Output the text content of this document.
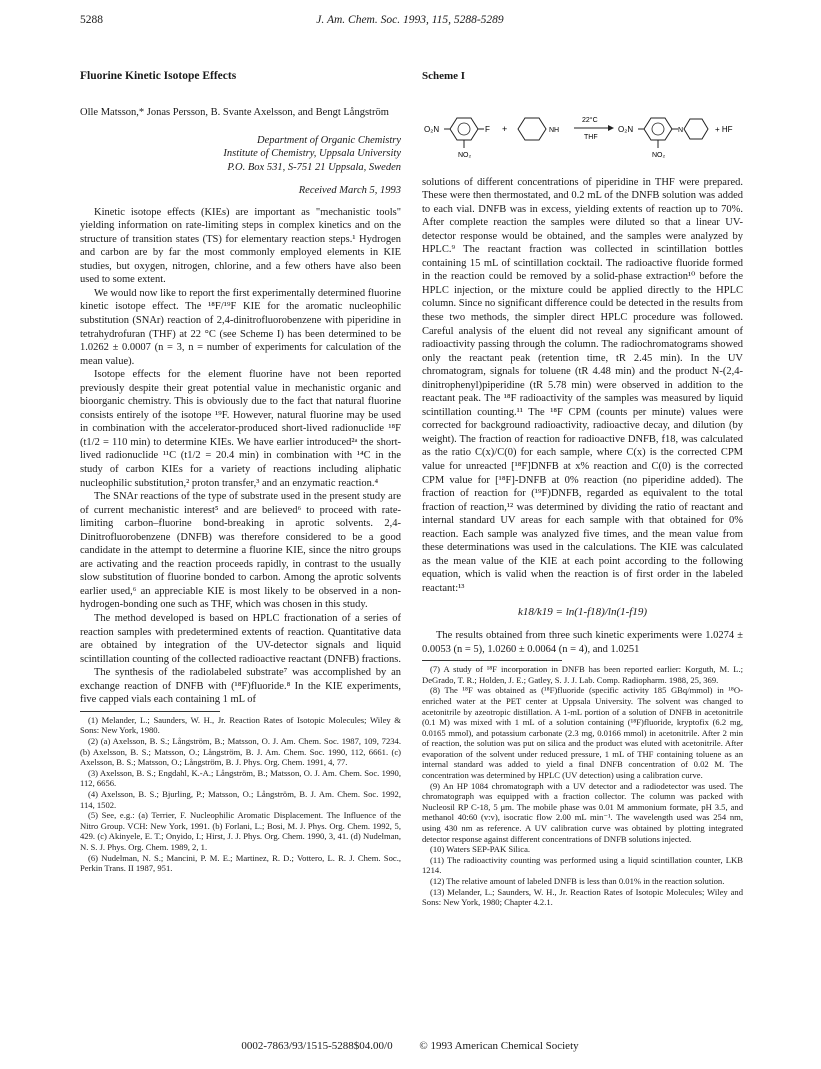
5288	J. Am. Chem. Soc. 1993, 115, 5288-5289
Fluorine Kinetic Isotope Effects
Olle Matsson,* Jonas Persson, B. Svante Axelsson, and Bengt Långström
Department of Organic Chemistry
Institute of Chemistry, Uppsala University
P.O. Box 531, S-751 21 Uppsala, Sweden
Received March 5, 1993

Kinetic isotope effects (KIEs) are important as "mechanistic tools" yielding information on rate-limiting steps in complex kinetics and on the structure of transition states (TS) for elementary reaction steps.¹ Hydrogen and carbon are by far the most commonly employed elements in KIE studies, but oxygen, nitrogen, chlorine, and a few others have also been used to some extent.

We would now like to report the first experimentally determined fluorine kinetic isotope effect. The ¹⁸F/¹⁹F KIE for the aromatic nucleophilic substitution (SNAr) reaction of 2,4-dinitrofluorobenzene with piperidine in tetrahydrofuran (THF) at 22 °C (see Scheme I) has been determined to be 1.0262 ± 0.0007 (n = 3, n = number of experiments for calculation of the mean value).

Isotope effects for the element fluorine have not been reported previously despite their great potential value in mechanistic organic and bioorganic chemistry. This is obviously due to the fact that natural fluorine consists entirely of the isotope ¹⁹F. However, natural fluorine may be used in combination with the accelerator-produced short-lived radionuclide ¹⁸F (t1/2 = 110 min) to determine KIEs. We have earlier introduced²ᵃ the short-lived radionuclide ¹¹C (t1/2 = 20.4 min) in combination with ¹⁴C in the study of carbon KIEs for a variety of reactions including aliphatic nucleophilic substitution,² proton transfer,³ and an enzymatic reaction.⁴

The SNAr reactions of the type of substrate used in the present study are of current mechanistic interest⁵ and are believed⁶ to proceed with rate-limiting carbon–fluorine bond-breaking in aprotic solvents. 2,4-Dinitrofluorobenzene (DNFB) was therefore considered to be a good candidate in the attempt to determine a fluorine KIE, since the nitro groups are activating and the reaction proceeds rapidly, in contrast to the usually slow substitution of fluorine bonded to carbon. Among the aprotic solvents earlier used,⁶ an appreciable KIE is most likely to be observed in a non-hydrogen-bonding one such as THF, which was chosen in this study.

The method developed is based on HPLC fractionation of a series of reaction samples with predetermined extents of reaction. Quantitative data are obtained by integration of the UV-detector signals and liquid scintillation counting of the collected radioactive reactant (DNFB) fractions.

The synthesis of the radiolabeled substrate⁷ was accomplished by an exchange reaction of DNFB with (¹⁸F)fluoride.⁸ In the KIE experiments, five capped vials each containing 1 mL of

(1) Melander, L.; Saunders, W. H., Jr. Reaction Rates of Isotopic Molecules; Wiley & Sons: New York, 1980.
(2) (a) Axelsson, B. S.; Långström, B.; Matsson, O. J. Am. Chem. Soc. 1987, 109, 7234. (b) Axelsson, B. S.; Matsson, O.; Långström, B. J. Am. Chem. Soc. 1990, 112, 6661. (c) Axelsson, B. S.; Matsson, O.; Långström, B. J. Phys. Org. Chem. 1991, 4, 77.
(3) Axelsson, B. S.; Engdahl, K.-A.; Långström, B.; Matsson, O. J. Am. Chem. Soc. 1990, 112, 6656.
(4) Axelsson, B. S.; Bjurling, P.; Matsson, O.; Långström, B. J. Am. Chem. Soc. 1992, 114, 1502.
(5) See, e.g.: (a) Terrier, F. Nucleophilic Aromatic Displacement. The Influence of the Nitro Group. VCH: New York, 1991. (b) Forlani, L.; Bosi, M. J. Phys. Org. Chem. 1992, 5, 429. (c) Akinyele, E. T.; Onyido, I.; Hirst, J. J. Phys. Org. Chem. 1990, 3, 41. (d) Nudelman, N. S. J. Phys. Org. Chem. 1989, 2, 1.
(6) Nudelman, N. S.; Mancini, P. M. E.; Martinez, R. D.; Vottero, L. R. J. Chem. Soc., Perkin Trans. II 1987, 951.
Scheme I
O₂N	F
NO₂
+	NH
22°C
THF
O₂N	N
NO₂
+ HF

solutions of different concentrations of piperidine in THF were prepared. These were then thermostated, and 0.2 mL of the DNFB solution was added to each vial. DNFB was in excess, yielding extents of reaction up to 70%. After complete reaction the samples were diluted so that a linear UV-detector response would be obtained, and the samples were analyzed by HPLC.⁹ The reactant fraction was collected in scintillation bottles containing 15 mL of scintillation cocktail. The radioactive fluoride formed in the reaction could be removed by a solid-phase extraction¹⁰ before the HPLC injection, or the mixture could be applied directly to the HPLC column. Since no significant difference could be detected in the results from these two methods, the simpler direct HPLC procedure was followed. Careful analysis of the eluent did not reveal any significant amount of radioactivity passing through the column. The radiochromatograms showed only the reactant peak (retention time, tR 2.45 min). In the UV chromatogram, signals for toluene (tR 4.48 min) and the product N-(2,4-dinitrophenyl)piperidine (tR 5.78 min) were observed in addition to the reactant peak. The ¹⁸F radioactivity of the samples was measured by liquid scintillation counting.¹¹ The ¹⁸F CPM (counts per minute) values were corrected for background radioactivity, radioactive decay, and dilution (by weight). The fraction of reaction for radioactive DNFB, f18, was calculated as the ratio C(x)/C(0) for each sample, where C(x) is the corrected CPM value for unreacted [¹⁸F]DNFB at x% reaction and C(0) is the corrected CPM value for [¹⁸F]-DNFB at 0% reaction (no piperidine added). The fraction of reaction for (¹⁹F)DNFB, regarded as equivalent to the total fraction of reaction,¹² was determined by dividing the ratio of reactant and internal standard UV areas for each sample with that obtained for 0% reaction. Each sample was analyzed five times, and the mean value from these determinations was used in the calculations. The KIE was calculated as the mean value of the KIE at each point according to the following equation, which is valid when the reaction is of first order in the labeled reactant:¹³

k18/k19 = ln(1-f18)/ln(1-f19)

The results obtained from three such kinetic experiments were 1.0274 ± 0.0053 (n = 5), 1.0260 ± 0.0064 (n = 4), and 1.0251

(7) A study of ¹⁸F incorporation in DNFB has been reported earlier: Korguth, M. L.; DeGrado, T. R.; Holden, J. E.; Gatley, S. J. J. Lab. Comp. Radiopharm. 1988, 25, 369.
(8) The ¹⁸F was obtained as (¹⁸F)fluoride (specific activity 185 GBq/mmol) in ¹⁸O-enriched water at the PET center at Uppsala University. The solvent was changed to acetonitrile by azeotropic distillation. A 1-mL portion of a solution of DNFB in acetonitrile (0.1 M) was mixed with 1 mL of a solution containing (¹⁸F)fluoride, kryptofix (6.2 mg, 0.0165 mmol), and potassium carbonate (2.3 mg, 0.0166 mmol) in acetonitrile. After 2 min of reaction, the solution was put on silica and the product was eluted with acetonitrile. After evaporation of the solvent under reduced pressure, 1 mL of THF containing toluene as an internal standard was added to yield a final DNFB concentration of 0.02 M. The concentration was determined by HPLC (UV detection) using a calibration curve.
(9) An HP 1084 chromatograph with a UV detector and a radiodetector was used. The chromatograph was equipped with a fraction collector. The column was packed with Nucleosil RP C-18, 5 μm. The mobile phase was 0.01 M ammonium formate, pH 3.5, and methanol 40:60 (v:v), isocratic flow 2.00 mL min⁻¹. The wavelength used was 254 nm, using 430 nm as reference. A UV calibration curve was obtained by plotting integrated detector response against different concentrations of DNFB solutions injected.
(10) Waters SEP-PAK Silica.
(11) The radioactivity counting was performed using a liquid scintillation counter, LKB 1214.
(12) The relative amount of labeled DNFB is less than 0.01% in the reaction solution.
(13) Melander, L.; Saunders, W. H., Jr. Reaction Rates of Isotopic Molecules; Wiley and Sons: New York, 1980; Chapter 4.2.1.
0002-7863/93/1515-5288$04.00/0 © 1993 American Chemical Society
